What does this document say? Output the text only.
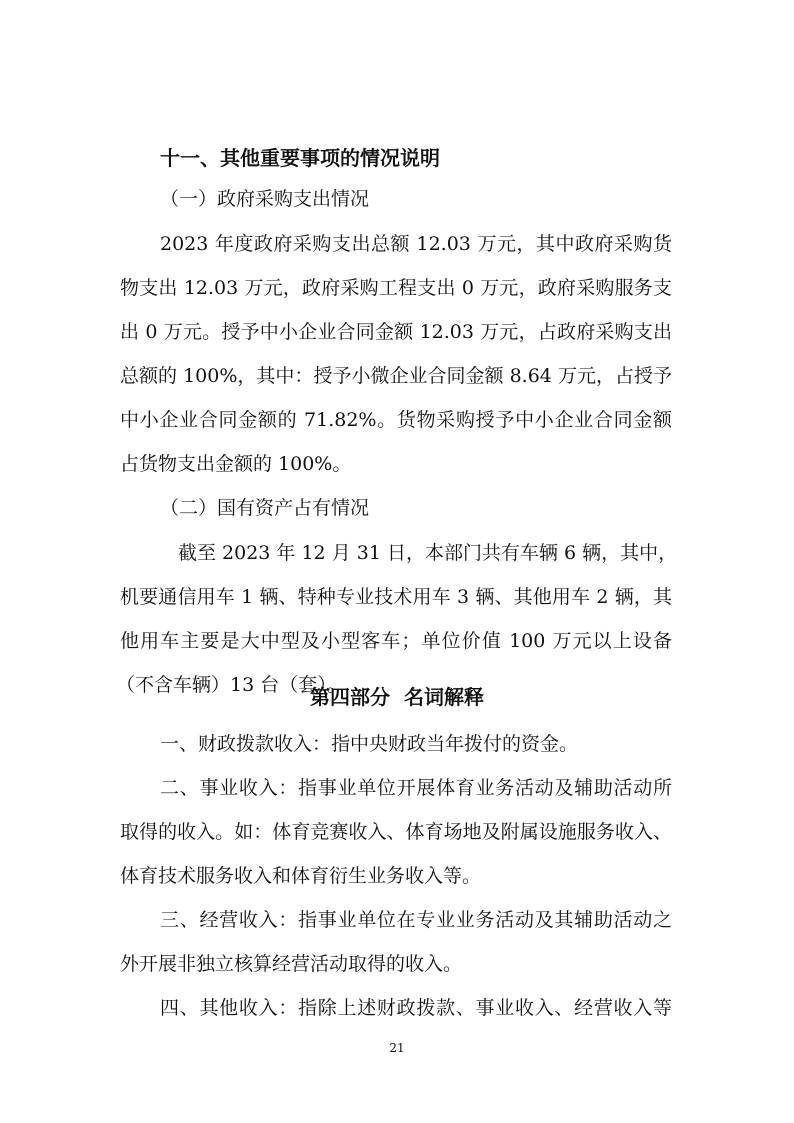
十一、其他重要事项的情况说明
（一）政府采购支出情况
2023 年度政府采购支出总额 12.03 万元，其中政府采购货
物支出 12.03 万元，政府采购工程支出 0 万元，政府采购服务支
出 0 万元。授予中小企业合同金额 12.03 万元，占政府采购支出
总额的 100%，其中：授予小微企业合同金额 8.64 万元，占授予
中小企业合同金额的 71.82%。货物采购授予中小企业合同金额
占货物支出金额的 100%。
（二）国有资产占有情况
截至 2023 年 12 月 31 日，本部门共有车辆 6 辆，其中，
机要通信用车 1 辆、特种专业技术用车 3 辆、其他用车 2 辆，其
他用车主要是大中型及小型客车；单位价值 100 万元以上设备
（不含车辆）13 台（套）。
第四部分  名词解释
一、财政拨款收入：指中央财政当年拨付的资金。
二、事业收入：指事业单位开展体育业务活动及辅助活动所
取得的收入。如：体育竞赛收入、体育场地及附属设施服务收入、
体育技术服务收入和体育衍生业务收入等。
三、经营收入：指事业单位在专业业务活动及其辅助活动之
外开展非独立核算经营活动取得的收入。
四、其他收入：指除上述财政拨款、事业收入、经营收入等
21
